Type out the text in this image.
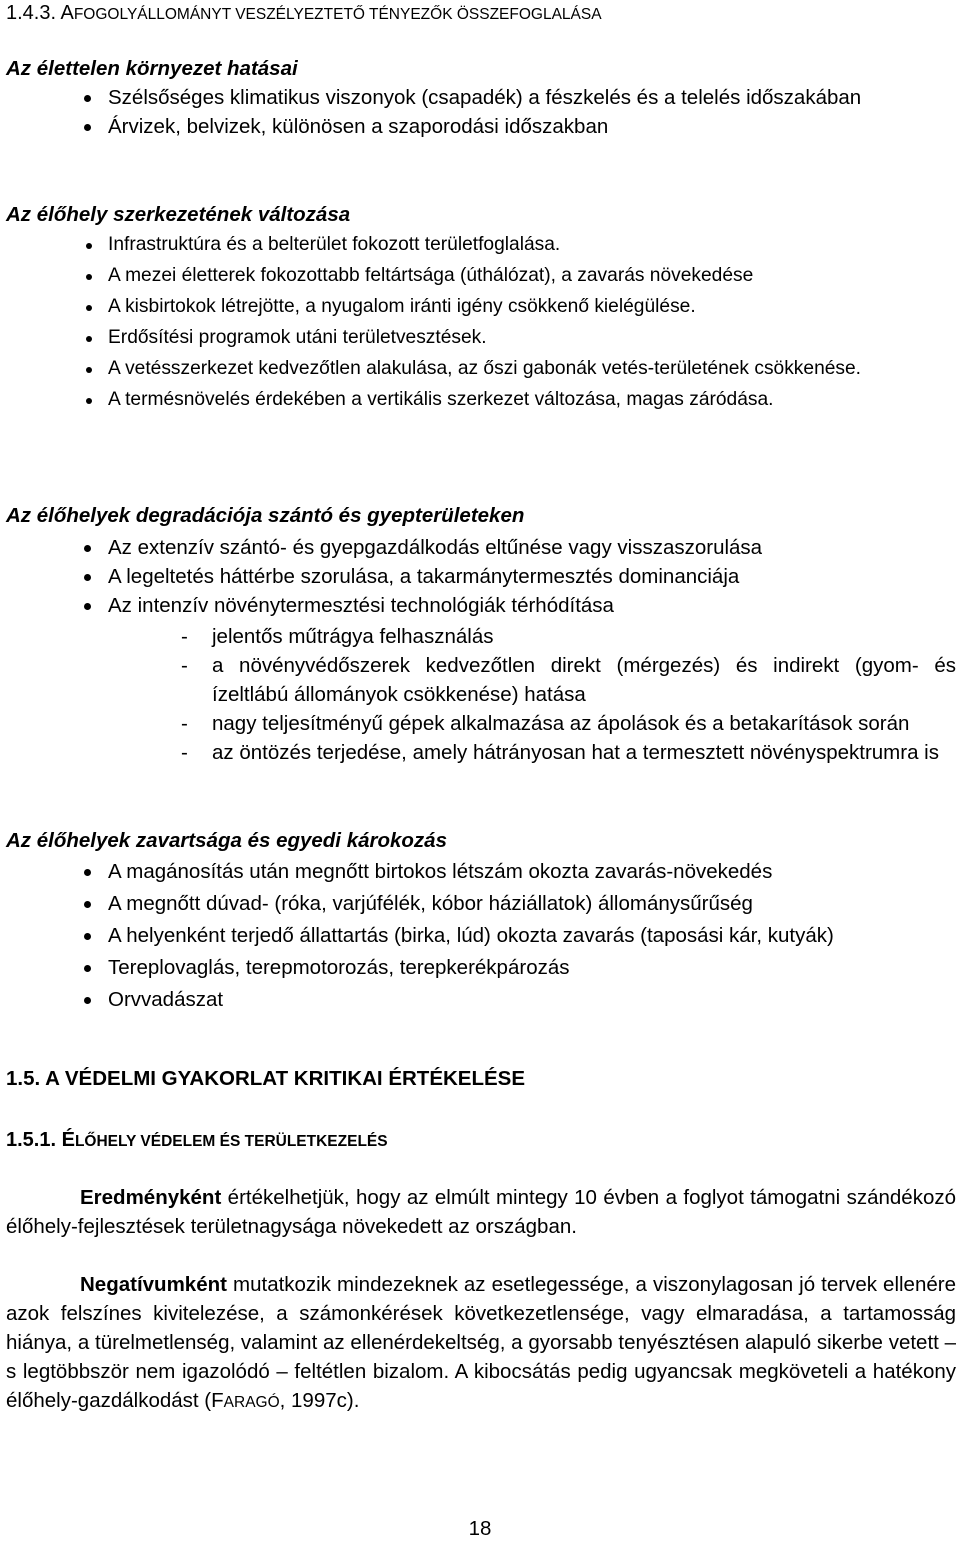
1.4.3. AFOGOLYÁLLOMÁNYT VESZÉLYEZTETŐ TÉNYEZŐK ÖSSZEFOGLALÁSA
Az élettelen környezet hatásai
Szélsőséges klimatikus viszonyok (csapadék) a fészkelés és a telelés időszakában
Árvizek, belvizek, különösen a szaporodási időszakban
Az élőhely szerkezetének változása
Infrastruktúra és a belterület fokozott területfoglalása.
A mezei életterek fokozottabb feltártsága (úthálózat), a zavarás növekedése
A kisbirtokok létrejötte, a nyugalom iránti igény csökkenő kielégülése.
Erdősítési programok utáni területvesztések.
A vetésszerkezet kedvezőtlen alakulása, az őszi gabonák vetés-területének csökkenése.
A termésnövelés érdekében a vertikális szerkezet változása, magas záródása.
Az élőhelyek degradációja szántó és gyepterületeken
Az extenzív szántó- és gyepgazdálkodás eltűnése vagy visszaszorulása
A legeltetés háttérbe szorulása, a takarmánytermesztés dominanciája
Az intenzív növénytermesztési technológiák térhódítása
- jelentős műtrágya felhasználás
- a növényvédőszerek kedvezőtlen direkt (mérgezés) és indirekt (gyom- és ízeltlábú állományok csökkenése) hatása
- nagy teljesítményű gépek alkalmazása az ápolások és a betakarítások során
- az öntözés terjedése, amely hátrányosan hat a termesztett növényspektrumra is
Az élőhelyek zavartsága és egyedi károkozás
A magánosítás után megnőtt birtokos létszám okozta zavarás-növekedés
A megnőtt dúvad- (róka, varjúfélék, kóbor háziállatok) állománysűrűség
A helyenként terjedő állattartás (birka, lúd) okozta zavarás (taposási kár, kutyák)
Tereplovaglás, terepmotorozás, terepkerékpározás
Orvvadászat
1.5. A VÉDELMI GYAKORLAT KRITIKAI ÉRTÉKELÉSE
1.5.1. ÉLŐHELY VÉDELEM ÉS TERÜLETKEZELÉS
Eredményként értékelhetjük, hogy az elmúlt mintegy 10 évben a foglyot támogatni szándékozó élőhely-fejlesztések területnagysága növekedett az országban.
Negatívumként mutatkozik mindezeknek az esetlegessége, a viszonylagosan jó tervek ellenére azok felszínes kivitelezése, a számonkérések következetlensége, vagy elmaradása, a tartamosság hiánya, a türelmetlenség, valamint az ellenérdekeltség, a gyorsabb tenyésztésen alapuló sikerbe vetett – s legtöbbször nem igazolódó – feltétlen bizalom. A kibocsátás pedig ugyancsak megköveteli a hatékony élőhely-gazdálkodást (FARAGÓ, 1997c).
18
